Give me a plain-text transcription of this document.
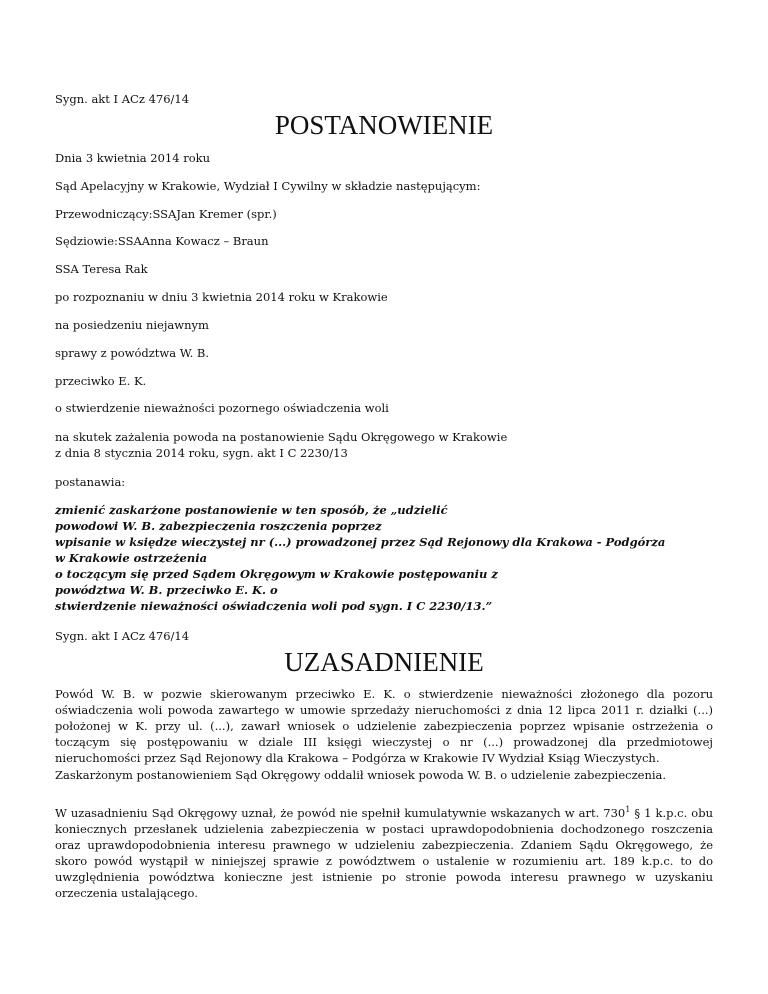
Sygn. akt I ACz 476/14

POSTANOWIENIE

Dnia 3 kwietnia 2014 roku

Sąd Apelacyjny w Krakowie, Wydział I Cywilny w składzie następującym:

Przewodniczący:SSAJan Kremer (spr.)

Sędziowie:SSAAnna Kowacz – Braun

SSA Teresa Rak

po rozpoznaniu w dniu 3 kwietnia 2014 roku w Krakowie

na posiedzeniu niejawnym

sprawy z powództwa W. B.

przeciwko E. K.

o stwierdzenie nieważności pozornego oświadczenia woli

na skutek zażalenia powoda na postanowienie Sądu Okręgowego w Krakowie
z dnia 8 stycznia 2014 roku, sygn. akt I C 2230/13

postanawia:

zmienić zaskarżone postanowienie w ten sposób, że „udzielić
powodowi W. B. zabezpieczenia roszczenia poprzez
wpisanie w księdze wieczystej nr (...) prowadzonej przez Sąd Rejonowy dla Krakowa - Podgórza
w Krakowie ostrzeżenia
o toczącym się przed Sądem Okręgowym w Krakowie postępowaniu z
powództwa W. B. przeciwko E. K. o
stwierdzenie nieważności oświadczenia woli pod sygn. I C 2230/13.”

Sygn. akt I ACz 476/14

UZASADNIENIE

Powód W. B. w pozwie skierowanym przeciwko E. K. o stwierdzenie nieważności złożonego dla pozoru oświadczenia woli powoda zawartego w umowie sprzedaży nieruchomości z dnia 12 lipca 2011 r. działki (...) położonej w K. przy ul. (...), zawarł wniosek o udzielenie zabezpieczenia poprzez wpisanie ostrzeżenia o toczącym się postępowaniu w dziale III księgi wieczystej o nr (...) prowadzonej dla przedmiotowej nieruchomości przez Sąd Rejonowy dla Krakowa – Podgórza w Krakowie IV Wydział Ksiąg Wieczystych.

Zaskarżonym postanowieniem Sąd Okręgowy oddalił wniosek powoda W. B. o udzielenie zabezpieczenia.

W uzasadnieniu Sąd Okręgowy uznał, że powód nie spełnił kumulatywnie wskazanych w art. $730^1$ § 1 k.p.c. obu koniecznych przesłanek udzielenia zabezpieczenia w postaci uprawdopodobnienia dochodzonego roszczenia oraz uprawdopodobnienia interesu prawnego w udzieleniu zabezpieczenia. Zdaniem Sądu Okręgowego, że skoro powód wystąpił w niniejszej sprawie z powództwem o ustalenie w rozumieniu art. 189 k.p.c. to do uwzględnienia powództwa konieczne jest istnienie po stronie powoda interesu prawnego w uzyskaniu orzeczenia ustalającego.
